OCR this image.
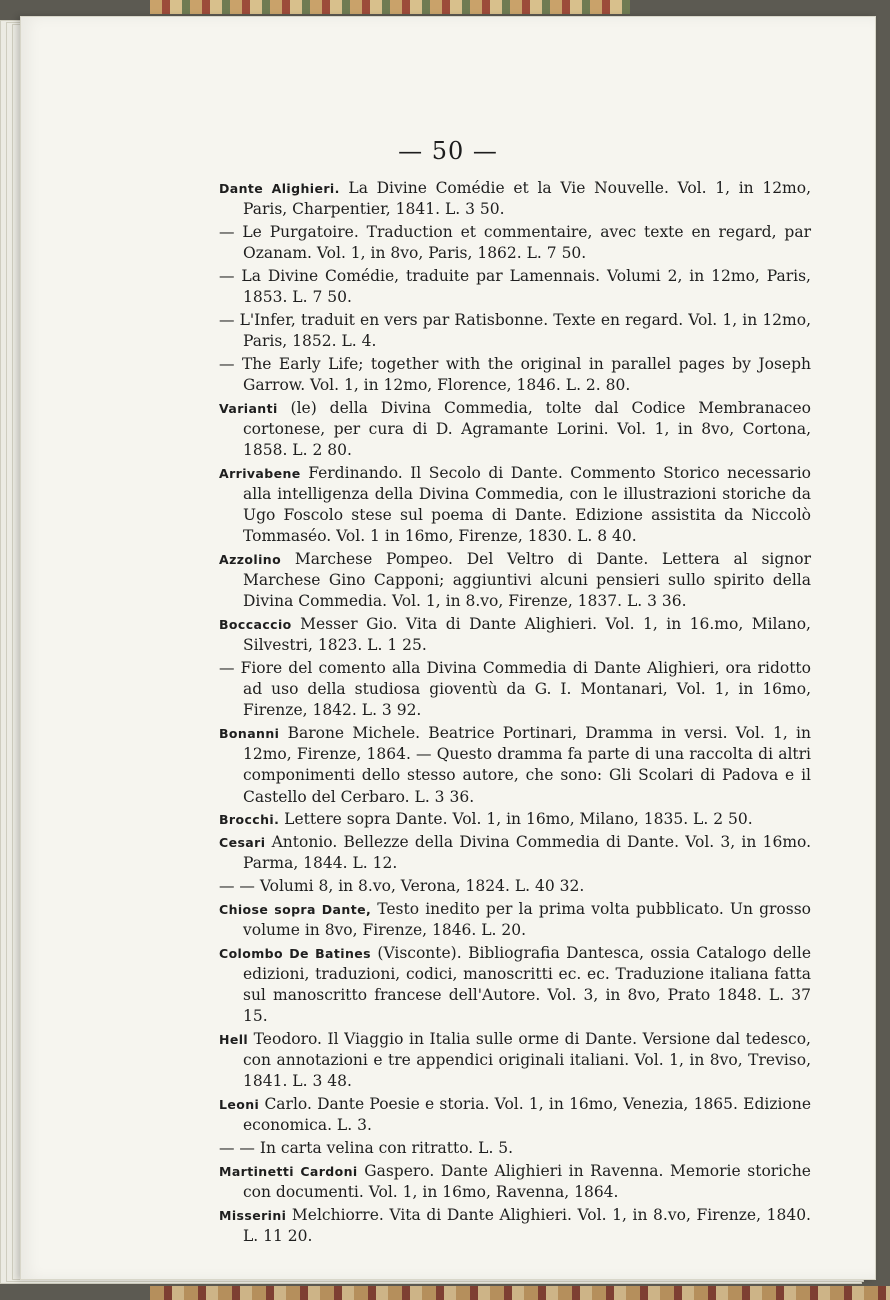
— 50 —

Dante Alighieri. La Divine Comédie et la Vie Nouvelle. Vol. 1, in 12mo, Paris, Charpentier, 1841. L. 3 50.

— Le Purgatoire. Traduction et commentaire, avec texte en regard, par Ozanam. Vol. 1, in 8vo, Paris, 1862. L. 7 50.

— La Divine Comédie, traduite par Lamennais. Volumi 2, in 12mo, Paris, 1853. L. 7 50.

— L'Infer, traduit en vers par Ratisbonne. Texte en regard. Vol. 1, in 12mo, Paris, 1852. L. 4.

— The Early Life; together with the original in parallel pages by Joseph Garrow. Vol. 1, in 12mo, Florence, 1846. L. 2. 80.

Varianti (le) della Divina Commedia, tolte dal Codice Membranaceo cortonese, per cura di D. Agramante Lorini. Vol. 1, in 8vo, Cortona, 1858. L. 2 80.

Arrivabene Ferdinando. Il Secolo di Dante. Commento Storico necessario alla intelligenza della Divina Commedia, con le illustrazioni storiche da Ugo Foscolo stese sul poema di Dante. Edizione assistita da Niccolò Tommaséo. Vol. 1 in 16mo, Firenze, 1830. L. 8 40.

Azzolino Marchese Pompeo. Del Veltro di Dante. Lettera al signor Marchese Gino Capponi; aggiuntivi alcuni pensieri sullo spirito della Divina Commedia. Vol. 1, in 8.vo, Firenze, 1837. L. 3 36.

Boccaccio Messer Gio. Vita di Dante Alighieri. Vol. 1, in 16.mo, Milano, Silvestri, 1823. L. 1 25.

— Fiore del comento alla Divina Commedia di Dante Alighieri, ora ridotto ad uso della studiosa gioventù da G. I. Montanari, Vol. 1, in 16mo, Firenze, 1842. L. 3 92.

Bonanni Barone Michele. Beatrice Portinari, Dramma in versi. Vol. 1, in 12mo, Firenze, 1864. — Questo dramma fa parte di una raccolta di altri componimenti dello stesso autore, che sono: Gli Scolari di Padova e il Castello del Cerbaro. L. 3 36.

Brocchi. Lettere sopra Dante. Vol. 1, in 16mo, Milano, 1835. L. 2 50.

Cesari Antonio. Bellezze della Divina Commedia di Dante. Vol. 3, in 16mo. Parma, 1844. L. 12.

— — Volumi 8, in 8.vo, Verona, 1824. L. 40 32.

Chiose sopra Dante, Testo inedito per la prima volta pubblicato. Un grosso volume in 8vo, Firenze, 1846. L. 20.

Colombo De Batines (Visconte). Bibliografia Dantesca, ossia Catalogo delle edizioni, traduzioni, codici, manoscritti ec. ec. Traduzione italiana fatta sul manoscritto francese dell'Autore. Vol. 3, in 8vo, Prato 1848. L. 37 15.

Hell Teodoro. Il Viaggio in Italia sulle orme di Dante. Versione dal tedesco, con annotazioni e tre appendici originali italiani. Vol. 1, in 8vo, Treviso, 1841. L. 3 48.

Leoni Carlo. Dante Poesie e storia. Vol. 1, in 16mo, Venezia, 1865. Edizione economica. L. 3.

— — In carta velina con ritratto. L. 5.

Martinetti Cardoni Gaspero. Dante Alighieri in Ravenna. Memorie storiche con documenti. Vol. 1, in 16mo, Ravenna, 1864.

Misserini Melchiorre. Vita di Dante Alighieri. Vol. 1, in 8.vo, Firenze, 1840. L. 11 20.
